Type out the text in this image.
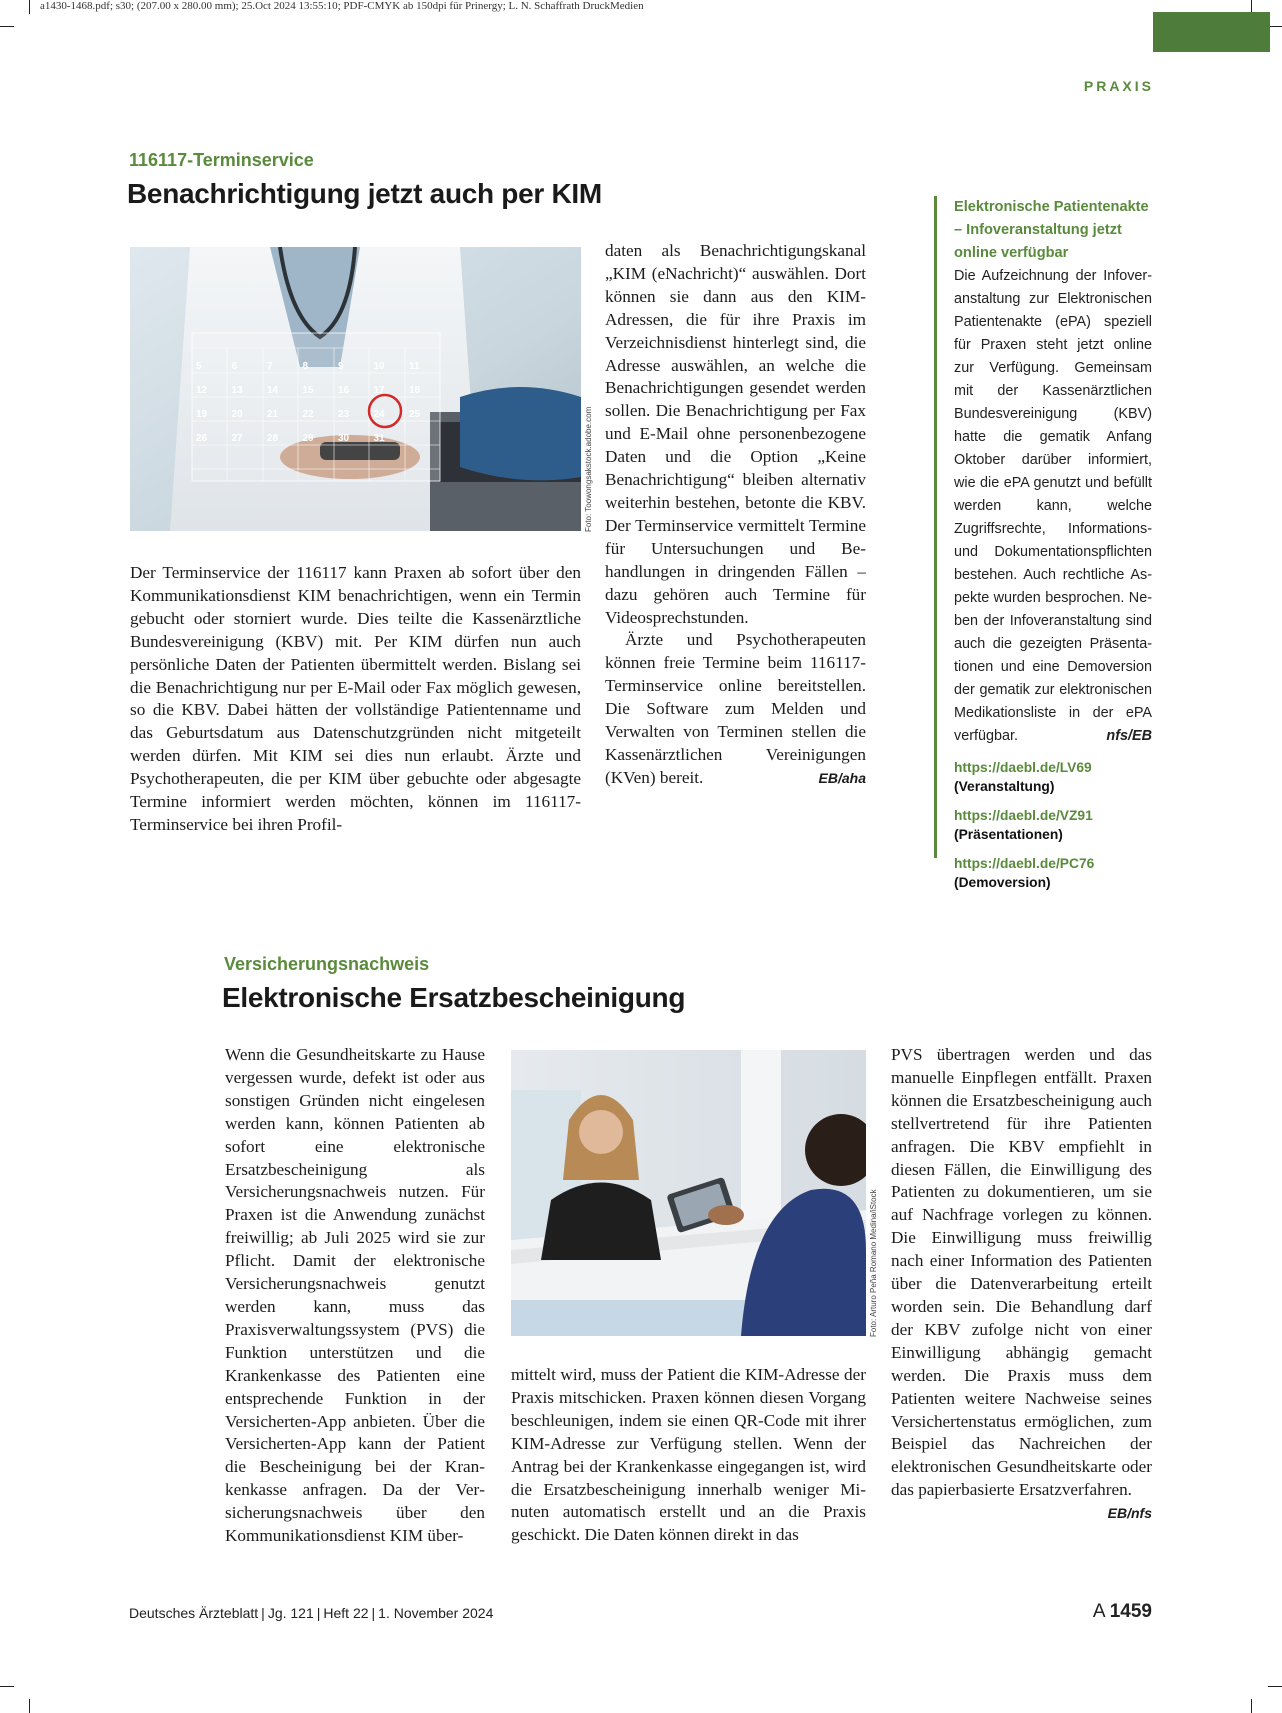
a1430-1468.pdf; s30; (207.00 x 280.00 mm); 25.Oct 2024 13:55:10; PDF-CMYK ab 150dpi für Prinergy; L. N. Schaffrath DruckMedien
PRAXIS
116117-Terminservice
Benachrichtigung jetzt auch per KIM
5	6	7	8	9	10 11
12 13 14 15 16 17 18
19 20 21 22 23 24 25
26 27 28 29 30 31	Foto: Toowongsakstock.adobe.com

Der Terminservice der 116117 kann Praxen ab sofort über den Kommunikationsdienst KIM benachrichtigen, wenn ein Termin gebucht oder storniert wurde. Dies teilte die Kassenärztliche Bundesvereinigung (KBV) mit. Per KIM dürfen nun auch persönliche Daten der Patienten übermittelt werden. Bislang sei die Benachrichtigung nur per E-Mail oder Fax möglich gewesen, so die KBV. Dabei hätten der vollständige Patientenname und das Geburtsdatum aus Datenschutzgründen nicht mitgeteilt werden dürfen. Mit KIM sei dies nun erlaubt. Ärzte und Psychotherapeuten, die per KIM über gebuchte oder abgesagte Termine informiert werden möchten, können im 116117-Terminservice bei ihren Profil-

daten als Benachrichtigungskanal „KIM (eNachricht)“ auswählen. Dort können sie dann aus den KIM-Adressen, die für ihre Praxis im Verzeichnisdienst hinterlegt sind, die Adresse auswählen, an welche die Benachrichtigungen gesendet werden sollen. Die Benachrichtigung per Fax und E-Mail ohne personenbezogene Daten und die Option „Keine Benachrichtigung“ bleiben alternativ weiterhin bestehen, betonte die KBV. Der Terminservice vermittelt Termine für Untersuchungen und Behandlungen in dringenden Fällen – dazu gehören auch Termine für Videosprechstunden.

Ärzte und Psychotherapeuten können freie Termine beim 116117-Terminservice online bereitstellen. Die Software zum Melden und Verwalten von Terminen stellen die Kassenärztlichen Vereinigungen (KVen) bereit.	EB/aha

Elektronische Patientenakte – Infoveranstaltung jetzt online verfügbar
Die Aufzeichnung der Infoveranstaltung zur Elektronischen Patientenakte (ePA) speziell für Praxen steht jetzt online zur Verfügung. Gemeinsam mit der Kassenärztlichen Bundesvereinigung (KBV) hatte die gematik Anfang Oktober darüber informiert, wie die ePA genutzt und befüllt werden kann, welche Zugriffsrechte, Informations- und Dokumentationspflichten bestehen. Auch rechtliche Aspekte wurden besprochen. Neben der Infoveranstaltung sind auch die gezeigten Präsentationen und eine Demoversion der gematik zur elektronischen Medikationsliste in der ePA verfügbar.	nfs/EB
https://daebl.de/LV69
(Veranstaltung)
https://daebl.de/VZ91
(Präsentationen)
https://daebl.de/PC76
(Demoversion)
Versicherungsnachweis
Elektronische Ersatzbescheinigung

Wenn die Gesundheitskarte zu Hause vergessen wurde, defekt ist oder aus sonstigen Gründen nicht eingelesen werden kann, können Patienten ab sofort eine elektronische Ersatzbescheinigung als Versicherungsnachweis nutzen. Für Praxen ist die Anwendung zunächst freiwillig; ab Juli 2025 wird sie zur Pflicht. Damit der elektronische Versicherungsnachweis genutzt werden kann, muss das Praxisverwaltungssystem (PVS) die Funktion unterstützen und die Krankenkasse des Patienten eine entsprechende Funktion in der Versicherten-App anbieten. Über die Versicherten-App kann der Patient die Bescheinigung bei der Krankenkasse anfragen. Da der Versicherungsnachweis über den Kommunikationsdienst KIM über-

Foto: Arturo Peña Romano Medina/iStock

mittelt wird, muss der Patient die KIM-Adresse der Praxis mitschicken. Praxen können diesen Vorgang beschleunigen, indem sie einen QR-Code mit ihrer KIM-Adresse zur Verfügung stellen. Wenn der Antrag bei der Krankenkasse eingegangen ist, wird die Ersatzbescheinigung innerhalb weniger Minuten automatisch erstellt und an die Praxis geschickt. Die Daten können direkt in das

PVS übertragen werden und das manuelle Einpflegen entfällt. Praxen können die Ersatzbescheinigung auch stellvertretend für ihre Patienten anfragen. Die KBV empfiehlt in diesen Fällen, die Einwilligung des Patienten zu dokumentieren, um sie auf Nachfrage vorlegen zu können. Die Einwilligung muss freiwillig nach einer Information des Patienten über die Datenverarbeitung erteilt worden sein. Die Behandlung darf der KBV zufolge nicht von einer Einwilligung abhängig gemacht werden. Die Praxis muss dem Patienten weitere Nachweise seines Versichertenstatus ermöglichen, zum Beispiel das Nachreichen der elektronischen Gesundheitskarte oder das papierbasierte Ersatzverfahren.
EB/nfs

Deutsches Ärzteblatt | Jg. 121 | Heft 22 | 1. November 2024	A 1459
